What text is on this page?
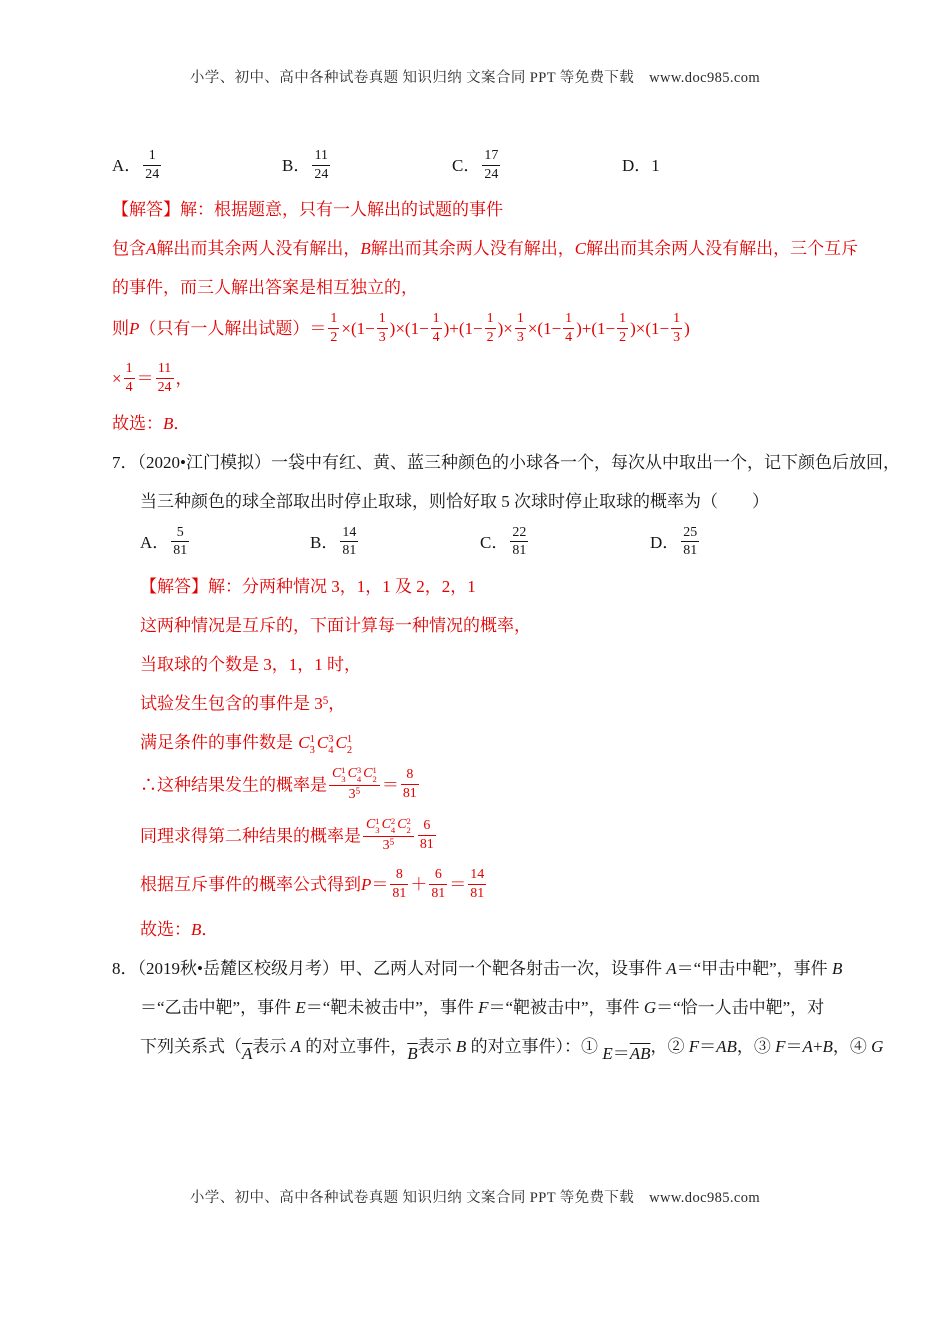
小学、初中、高中各种试卷真题 知识归纳 文案合同 PPT 等免费下载　www.doc985.com
A． $\frac{1}{24}$	B． $\frac{11}{24}$	C． $\frac{17}{24}$	D．1
【解答】解：根据题意，只有一人解出的试题的事件
包含A解出而其余两人没有解出，B解出而其余两人没有解出，C解出而其余两人没有解出，三个互斥
的事件，而三人解出答案是相互独立的，
则P（只有一人解出试题）＝ $\frac{1}{2} \times(1- \frac{1}{3} )\times(1- \frac{1}{4} )+(1- \frac{1}{2}$ )× $\frac{1}{3} \times(1- \frac{1}{4} )+(1- \frac{1}{2} )\times(1- \frac{1}{3}$ )
× $\frac{1}{4} = \frac{11}{24}$ ，
故选：B．
7．（2020•江门模拟）一袋中有红、黄、蓝三种颜色的小球各一个，每次从中取出一个，记下颜色后放回，
当三种颜色的球全部取出时停止取球，则恰好取 5 次球时停止取球的概率为（　　）
A． $\frac{5}{81}$	B． $\frac{14}{81}$	C． $\frac{22}{81}$	D． $\frac{25}{81}$
【解答】解：分两种情况 3，1，1 及 2，2，1
这两种情况是互斥的，下面计算每一种情况的概率，
当取球的个数是 3，1，1 时，
试验发生包含的事件是 $3^5$，
满足条件的事件数是 C 1
3 C 3
4 C 1
2
∴这种结果发生的概率是 C 1
3 C 3
4 C 1
2
$3^5 = \frac{8}{81}$
同理求得第二种结果的概率是 C 1
3 C 2
4 C 2
2
$3^5 \frac{6}{81}$
根据互斥事件的概率公式得到$P= \frac{8}{81} + \frac{6}{81} = \frac{14}{81}$
故选：B．
8．（2019秋•岳麓区校级月考）甲、乙两人对同一个靶各射击一次，设事件 A＝“甲击中靶”，事件 B
＝“乙击中靶”，事件 E＝“靶未被击中”，事件 F＝“靶被击中”，事件 G＝“恰一人击中靶”，对
下列关系式（$\overline{A}$表示 A 的对立事件，$\overline{B}$表示 B 的对立事件）：① $E=\overline{AB}$，② F＝AB，③ F＝A+B，④ G
小学、初中、高中各种试卷真题 知识归纳 文案合同 PPT 等免费下载　www.doc985.com
